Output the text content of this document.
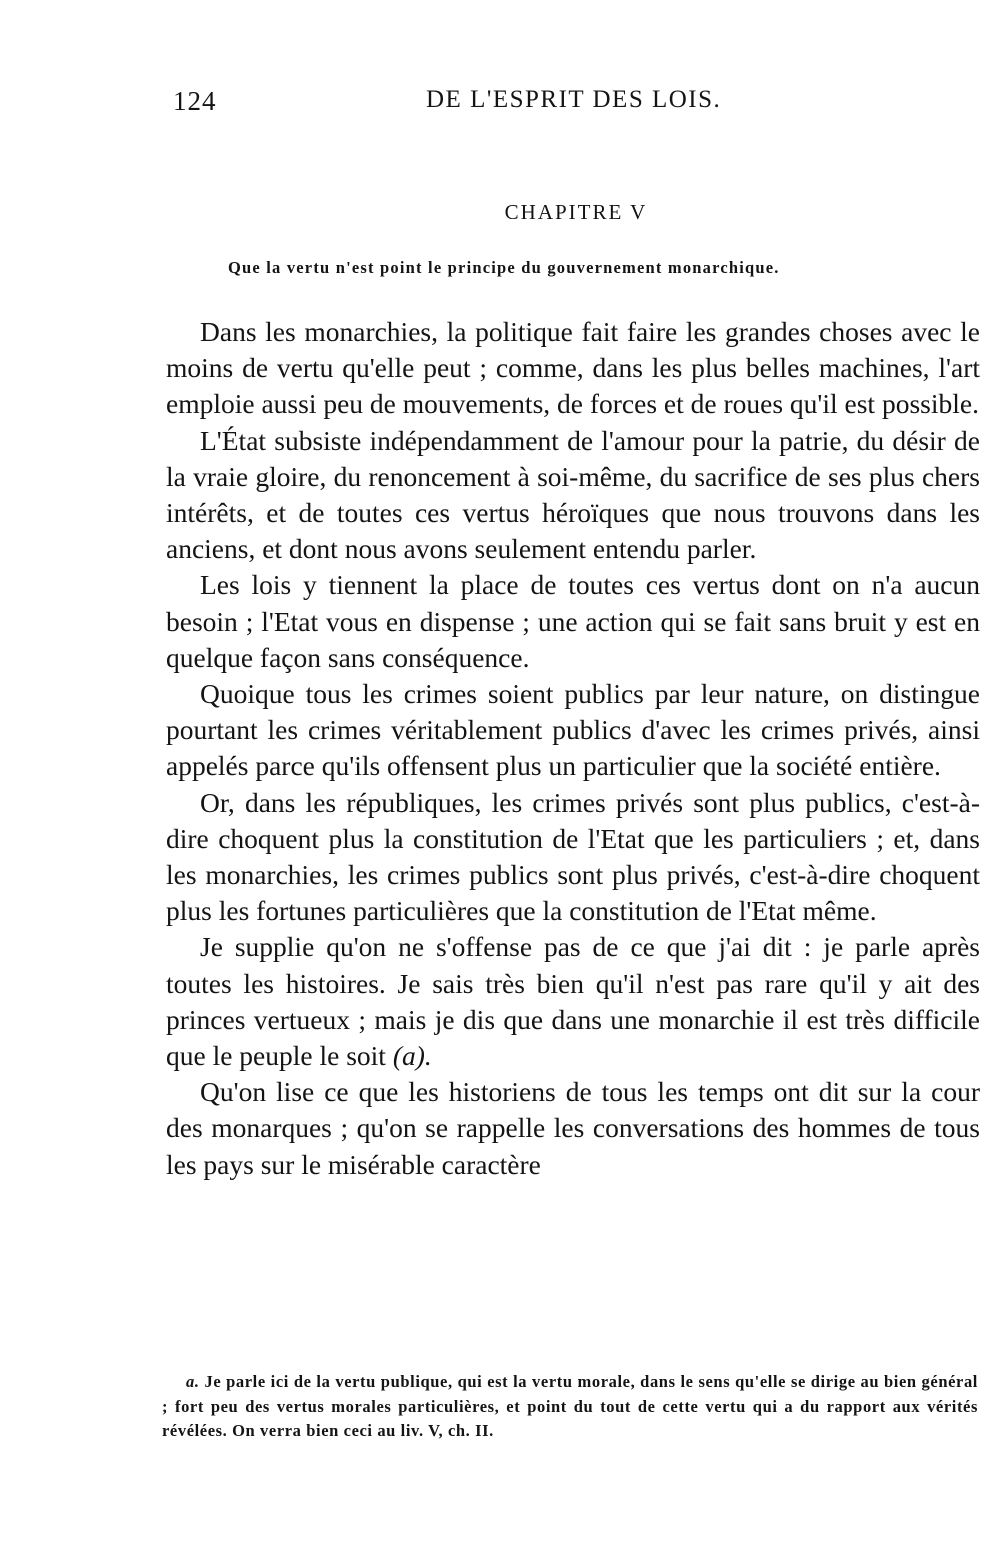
124	DE L'ESPRIT DES LOIS.
CHAPITRE V
Que la vertu n'est point le principe du gouvernement monarchique.

Dans les monarchies, la politique fait faire les grandes choses avec le moins de vertu qu'elle peut ; comme, dans les plus belles machines, l'art emploie aussi peu de mouvements, de forces et de roues qu'il est possible.

L'État subsiste indépendamment de l'amour pour la patrie, du désir de la vraie gloire, du renoncement à soi-même, du sacrifice de ses plus chers intérêts, et de toutes ces vertus héroïques que nous trouvons dans les anciens, et dont nous avons seulement entendu parler.

Les lois y tiennent la place de toutes ces vertus dont on n'a aucun besoin ; l'Etat vous en dispense ; une action qui se fait sans bruit y est en quelque façon sans conséquence.

Quoique tous les crimes soient publics par leur nature, on distingue pourtant les crimes véritablement publics d'avec les crimes privés, ainsi appelés parce qu'ils offensent plus un particulier que la société entière.

Or, dans les républiques, les crimes privés sont plus publics, c'est-à-dire choquent plus la constitution de l'Etat que les particuliers ; et, dans les monarchies, les crimes publics sont plus privés, c'est-à-dire choquent plus les fortunes particulières que la constitution de l'Etat même.

Je supplie qu'on ne s'offense pas de ce que j'ai dit : je parle après toutes les histoires. Je sais très bien qu'il n'est pas rare qu'il y ait des princes vertueux ; mais je dis que dans une monarchie il est très difficile que le peuple le soit (a).

Qu'on lise ce que les historiens de tous les temps ont dit sur la cour des monarques ; qu'on se rappelle les conversations des hommes de tous les pays sur le misérable caractère

a. Je parle ici de la vertu publique, qui est la vertu morale, dans le sens qu'elle se dirige au bien général ; fort peu des vertus morales particulières, et point du tout de cette vertu qui a du rapport aux vérités révélées. On verra bien ceci au liv. V, ch. II.
